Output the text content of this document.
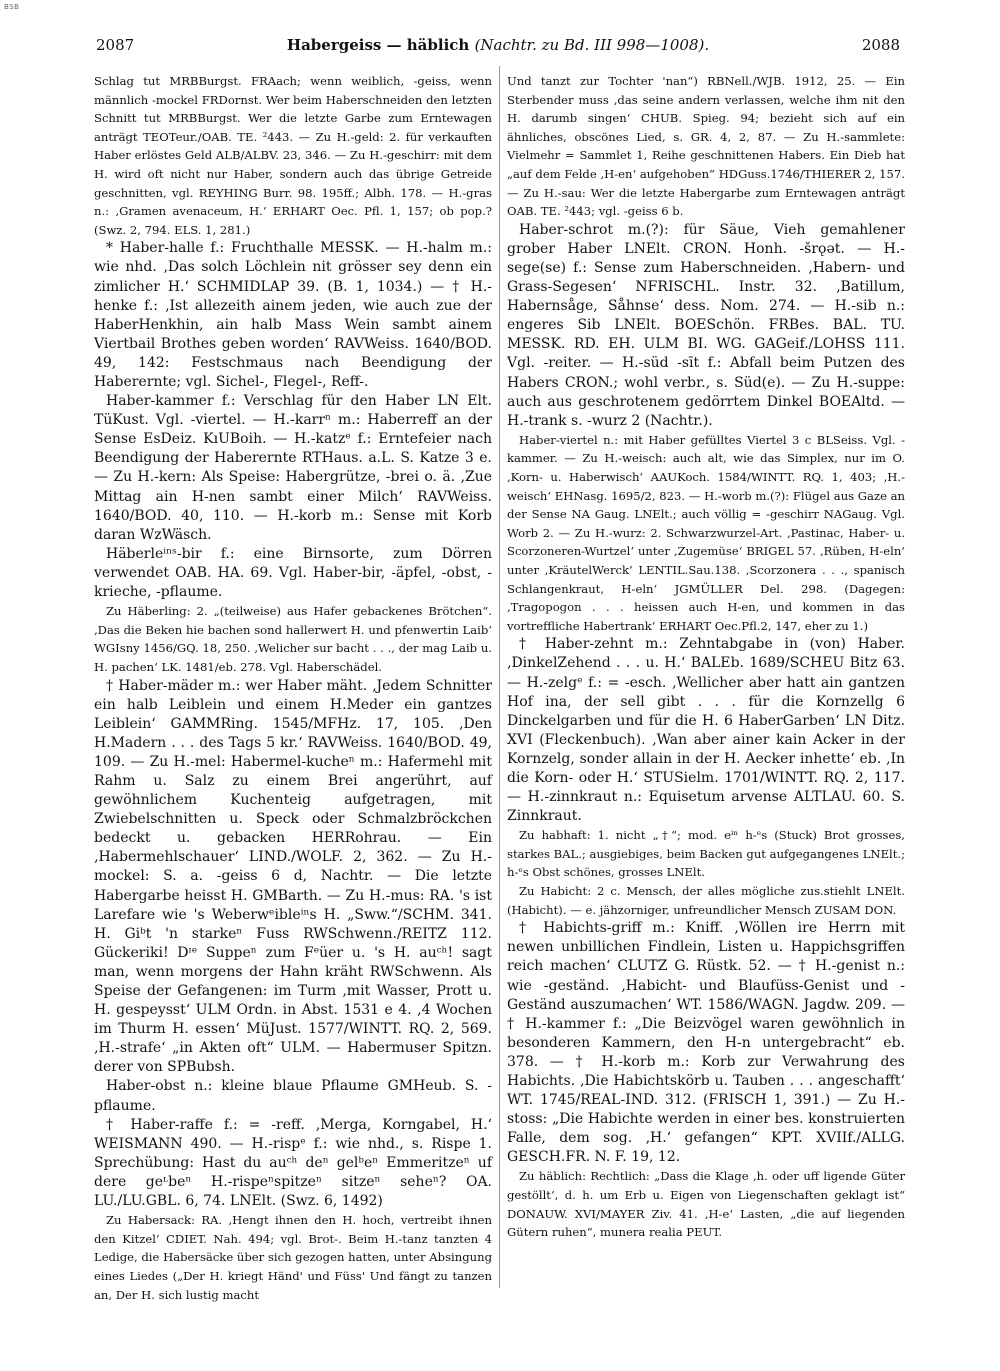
BSB
2087	Habergeiss — häblich (Nachtr. zu Bd. III 998—1008).	2088

Schlag tut MRBBurgst. FRAach; wenn weiblich, -geiss, wenn männlich -mockel FRDornst. Wer beim Haberschneiden den letzten Schnitt tut MRBBurgst. Wer die letzte Garbe zum Erntewagen anträgt TEOTeur./OAB. TE. ²443. — Zu H.-geld: 2. für verkauften Haber erlöstes Geld ALB/ALBV. 23, 346. — Zu H.-geschirr: mit dem H. wird oft nicht nur Haber, sondern auch das übrige Getreide geschnitten, vgl. REYHING Burr. 98. 195ff.; Albh. 178. — H.-gras n.: ‚Gramen avenaceum, H.‘ ERHART Oec. Pfl. 1, 157; ob pop.? (Swz. 2, 794. ELS. 1, 281.)

* Haber-halle f.: Fruchthalle MESSK. — H.-halm m.: wie nhd. ‚Das solch Löchlein nit grösser sey denn ein zimlicher H.‘ SCHMIDLAP 39. (B. 1, 1034.) — † H.-henke f.: ‚Ist allezeith ainem jeden, wie auch zue der HaberHenkhin, ain halb Mass Wein sambt ainem Viertbail Brothes geben worden‘ RAVWeiss. 1640/BOD. 49, 142: Festschmaus nach Beendigung der Haberernte; vgl. Sichel-, Flegel-, Reff-.

Haber-kammer f.: Verschlag für den Haber LN Elt. TüKust. Vgl. -viertel. — H.-karrⁿ m.: Haberreff an der Sense EsDeiz. KıUBoih. — H.-katzᵉ f.: Erntefeier nach Beendigung der Haberernte RTHaus. a.L. S. Katze 3 e. — Zu H.-kern: Als Speise: Habergrütze, -brei o. ä. ‚Zue Mittag ain H-nen sambt einer Milch‘ RAVWeiss. 1640/BOD. 40, 110. — H.-korb m.: Sense mit Korb daran WzWäsch.

Häberleⁱⁿˢ-bir f.: eine Birnsorte, zum Dörren verwendet OAB. HA. 69. Vgl. Haber-bir, -äpfel, -obst, -krieche, -pflaume.

Zu Häberling: 2. „(teilweise) aus Hafer gebackenes Brötchen“. ‚Das die Beken hie bachen sond hallerwert H. und pfenwertin Laib‘ WGIsny 1456/GQ. 18, 250. ‚Welicher sur bacht . . ., der mag Laib u. H. pachen‘ LK. 1481/eb. 278. Vgl. Haberschädel.

† Haber-mäder m.: wer Haber mäht. ‚Jedem Schnitter ein halb Leiblein und einem H.Meder ein gantzes Leiblein‘ GAMMRing. 1545/MFHz. 17, 105. ‚Den H.Madern . . . des Tags 5 kr.‘ RAVWeiss. 1640/BOD. 49, 109. — Zu H.-mel: Habermel-kucheⁿ m.: Hafermehl mit Rahm u. Salz zu einem Brei angerührt, auf gewöhnlichem Kuchenteig aufgetragen, mit Zwiebelschnitten u. Speck oder Schmalzbröckchen bedeckt u. gebacken HERRohrau. — Ein ‚Habermehlschauer‘ LIND./WOLF. 2, 362. — Zu H.-mockel: S. a. -geiss 6 d, Nachtr. — Die letzte Habergarbe heisst H. GMBarth. — Zu H.-mus: RA. 's ist Larefare wie 's Weberwᵉibleⁱⁿs H. „Sww.“/SCHM. 341. H. Giᵇt 'n starkeⁿ Fuss RWSchwenn./REITZ 112. Gückeriki! Dᶦᵉ Suppeⁿ zum Fᵉüer u. 's H. auᶜʰ! sagt man, wenn morgens der Hahn kräht RWSchwenn. Als Speise der Gefangenen: im Turm ‚mit Wasser, Prott u. H. gespeysst‘ ULM Ordn. in Abst. 1531 e 4. ‚4 Wochen im Thurm H. essen‘ MüJust. 1577/WINTT. RQ. 2, 569. ‚H.-strafe‘ „in Akten oft“ ULM. — Habermuser Spitzn. derer von SPBubsh.

Haber-obst n.: kleine blaue Pflaume GMHeub. S. -pflaume.

† Haber-raffe f.: = -reff. ‚Merga, Korngabel, H.‘ WEISMANN 490. — H.-rispᵉ f.: wie nhd., s. Rispe 1. Sprechübung: Hast du auᶜʰ deⁿ gelᵇeⁿ Emmeritzeⁿ uf dere geᶫbeⁿ H.-rispeⁿspitzeⁿ sitzeⁿ seheⁿ? OA. LU./LU.GBL. 6, 74. LNElt. (Swz. 6, 1492)

Zu Habersack: RA. ‚Hengt ihnen den H. hoch, vertreibt ihnen den Kitzel‘ CDIET. Nah. 494; vgl. Brot-. Beim H.-tanz tanzten 4 Ledige, die Habersäcke über sich gezogen hatten, unter Absingung eines Liedes („Der H. kriegt Händ' und Füss' Und fängt zu tanzen an, Der H. sich lustig macht

Und tanzt zur Tochter 'nan“) RBNell./WJB. 1912, 25. — Ein Sterbender muss ‚das seine andern verlassen, welche ihm nit den H. darumb singen‘ CHUB. Spieg. 94; bezieht sich auf ein ähnliches, obscönes Lied, s. GR. 4, 2, 87. — Zu H.-sammlete: Vielmehr = Sammlet 1, Reihe geschnittenen Habers. Ein Dieb hat „auf dem Felde ‚H-en‘ aufgehoben“ HDGuss.1746/THIERER 2, 157. — Zu H.-sau: Wer die letzte Habergarbe zum Erntewagen anträgt OAB. TE. ²443; vgl. -geiss 6 b.

Haber-schrot m.(?): für Säue, Vieh gemahlener grober Haber LNElt. CRON. Honh. -šrǫət. — H.-sege(se) f.: Sense zum Haberschneiden. ‚Habern- und Grass-Segesen‘ NFRISCHL. Instr. 32. ‚Batillum, Habernsåge, Såhnse‘ dess. Nom. 274. — H.-sib n.: engeres Sib LNElt. BOESchön. FRBes. BAL. TU. MESSK. RD. EH. ULM BI. WG. GAGeif./LOHSS 111. Vgl. -reiter. — H.-süd -sīt f.: Abfall beim Putzen des Habers CRON.; wohl verbr., s. Süd(e). — Zu H.-suppe: auch aus geschrotenem gedörrtem Dinkel BOEAltd. — H.-trank s. -wurz 2 (Nachtr.).

Haber-viertel n.: mit Haber gefülltes Viertel 3 c BLSeiss. Vgl. -kammer. — Zu H.-weisch: auch alt, wie das Simplex, nur im O. ‚Korn- u. Haberwisch‘ AAUKoch. 1584/WINTT. RQ. 1, 403; ‚H.-weisch‘ EHNasg. 1695/2, 823. — H.-worb m.(?): Flügel aus Gaze an der Sense NA Gaug. LNElt.; auch völlig = -geschirr NAGaug. Vgl. Worb 2. — Zu H.-wurz: 2. Schwarzwurzel-Art. ‚Pastinac, Haber- u. Scorzoneren-Wurtzel‘ unter ‚Zugemüse‘ BRIGEL 57. ‚Rüben, H-eln‘ unter ‚KräutelWerck‘ LENTIL.Sau.138. ‚Scorzonera . . ., spanisch Schlangenkraut, H-eln‘ JGMÜLLER Del. 298. (Dagegen: ‚Tragopogon . . . heissen auch H-en, und kommen in das vortreffliche Habertrank‘ ERHART Oec.Pfl.2, 147, eher zu 1.)

† Haber-zehnt m.: Zehntabgabe in (von) Haber. ‚DinkelZehend . . . u. H.‘ BALEb. 1689/SCHEU Bitz 63. — H.-zelgᵉ f.: = -esch. ‚Wellicher aber hatt ain gantzen Hof ina, der sell gibt . . . für die Kornzellg 6 Dinckelgarben und für die H. 6 HaberGarben‘ LN Ditz. XVI (Fleckenbuch). ‚Wan aber ainer kain Acker in der Kornzelg, sonder allain in der H. Aecker inhette‘ eb. ‚In die Korn- oder H.‘ STUSielm. 1701/WINTT. RQ. 2, 117. — H.-zinnkraut n.: Equisetum arvense ALTLAU. 60. S. Zinnkraut.

Zu habhaft: 1. nicht „†“; mod. eⁱⁿ h-ᵉs (Stuck) Brot grosses, starkes BAL.; ausgiebiges, beim Backen gut aufgegangenes LNElt.; h-ᵉs Obst schönes, grosses LNElt.

Zu Habicht: 2 c. Mensch, der alles mögliche zus.stiehlt LNElt. (Habicht). — e. jähzorniger, unfreundlicher Mensch ZUSAM DON.

† Habichts-griff m.: Kniff. ‚Wöllen ire Herrn mit newen unbillichen Findlein, Listen u. Happichsgriffen reich machen‘ CLUTZ G. Rüstk. 52. — † H.-genist n.: wie -geständ. ‚Habicht- und Blaufüss-Genist und -Geständ auszumachen‘ WT. 1586/WAGN. Jagdw. 209. — † H.-kammer f.: „Die Beizvögel waren gewöhnlich in besonderen Kammern, den H-n untergebracht“ eb. 378. — † H.-korb m.: Korb zur Verwahrung des Habichts. ‚Die Habichtskörb u. Tauben . . . angeschafft‘ WT. 1745/REAL-IND. 312. (FRISCH 1, 391.) — Zu H.-stoss: „Die Habichte werden in einer bes. konstruierten Falle, dem sog. ‚H.‘ gefangen“ KPT. XVIIf./ALLG. GESCH.FR. N. F. 19, 12.

Zu häblich: Rechtlich: „Dass die Klage ‚h. oder uff ligende Güter gestöllt‘, d. h. um Erb u. Eigen von Liegenschaften geklagt ist“ DONAUW. XVI/MAYER Ziv. 41. ‚H-e‘ Lasten, „die auf liegenden Gütern ruhen“, munera realia PEUT.
